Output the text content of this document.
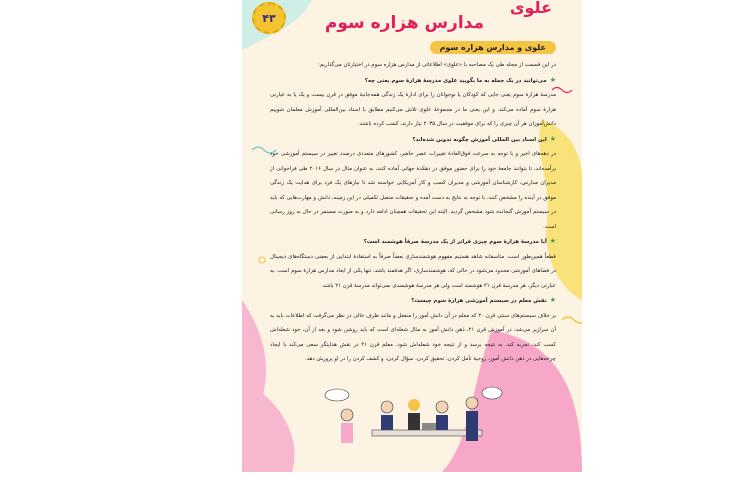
۴۳
علوی
مدارس هزاره سوم
علوی و مدارس هزاره سوم

در این قسمت از مجله طی یک مصاحبه با «علوی» اطلاعاتی از مدارس هزاره سوم در اختیارتان می‌گذاریم:

★می‌توانید در یک جمله به ما بگویید علوی مدرسهٔ هزارهٔ سوم یعنی چه؟

مدرسهٔ هزارهٔ سوم یعنی جایی که کودکان یا نوجوانان را برای ادارهٔ یک زندگی همه‌جانبهٔ موفق در قرن بیست و یک یا به عبارتی هزارهٔ سوم آماده می‌کند. و این یعنی ما در مجموعهٔ علوی تلاش می‌کنیم مطابق با اسناد بین‌المللی آموزش معلمان شوییم دانش‌آموزان هر آن چیزی را که برای موفقیت در سال ۲۰۳۵ نیاز دارند، کسب کرده باشند.

★این اسناد بین المللی آموزش چگونه تدوین شده‌اند؟

در دهه‌های اخیر و با توجه به سرعت فوق‌العادهٔ تغییرات عصر حاضر، کشورهای متعددی درصدد تغییر در سیستم آموزشی خود برآمده‌اند، تا بتوانند جامعهٔ خود را برای حضور موفق در دهکدهٔ جهانی آماده کنند، به عنوان مثال در سال ۲۰۱۶ طی فراخوانی از مدیران مدارس، کارشناسان آموزشی و مدیران کسب و کار آمریکایی خواسته شد تا نیازهای یک فرد برای هدایت یک زندگی موفق در آینده را مشخص کنند. با توجه به نتایج به دست آمده و تحقیقات متصل تکمیلی در این زمینه، دانش و مهارت‌هایی که باید در سیستم آموزش گنجانده شود مشخص گردید. البته این تحقیقات همچنان ادامه دارد و به صورت مستمر در حال به روز رسانی است.

★آیا مدرسهٔ هزارهٔ سوم چیزی فراتر از یک مدرسهٔ صرفاً هوشمند است؟

قطعاً همین‌طور است. متأسفانه شاهد هستیم مفهوم هوشمندسازی بعضاً صرفاً به استفادهٔ ابتدایی از بعضی دستگاه‌های دیجیتال در فضاهای آموزشی محدود می‌شود در حالی که، هوشمندسازی، اگر هدفمند باشد، تنها یکی از ابعاد مدارس هزارهٔ سوم است. به عبارتی دیگر، هر مدرسهٔ قرن ۲۱ هوشمند است ولی هر مدرسهٔ هوشمندی نمی‌تواند مدرسهٔ قرن ۲۱ باشد.

★نقش معلم در سیستم آموزشی هزارهٔ سوم چیست؟

بر خلاف سیستم‌های سنتی قرن ۲۰ که معلم در آن دانش آموز را منفعل و مانند ظرف خالی در نظر می‌گرفت که اطلاعات باید به آن سرازیر می‌شد، در آموزش قرن ۲۱، ذهن دانش آموز به مثال شعله‌ای است که باید روشن شود و بعد از آن، خود شعله‌اش کسب کند، تجربه کند. به نتیجه برسد و از نتیجه خود شعله‌اش شود. معلم قرن ۲۱ در نقش هدایتگر سعی می‌کند با ایجاد چرخه‌هایی در ذهن دانش آموز، روحیهٔ تأمل کردن، تحقیق کردن، سؤال کردن، و کشف کردن را در او پرورش دهد.
